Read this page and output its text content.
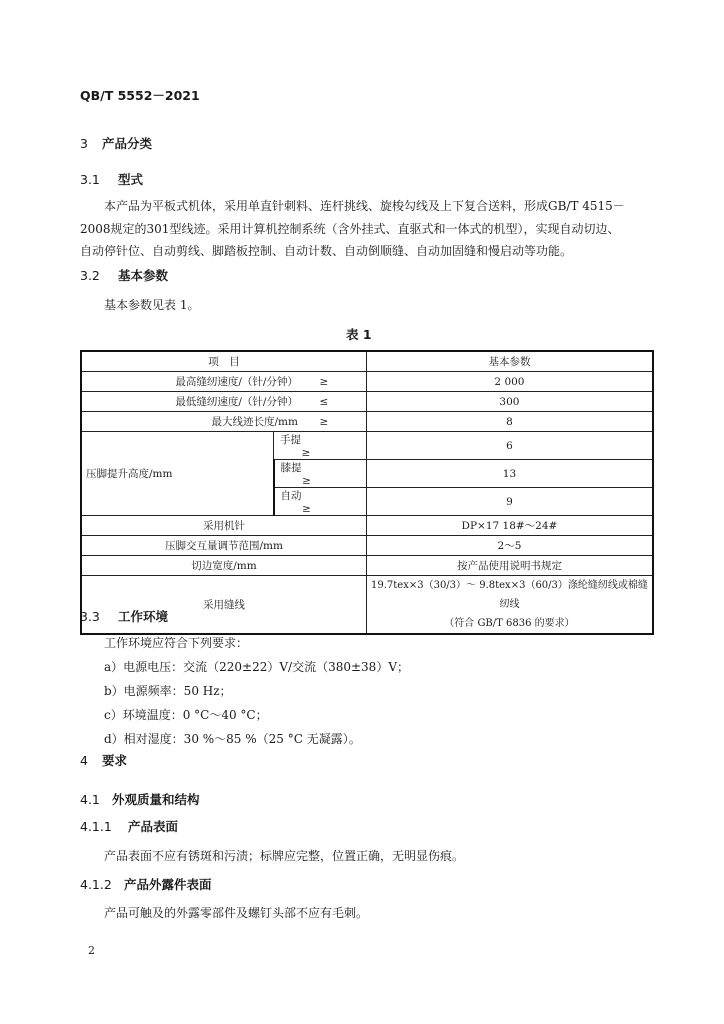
QB/T 5552－2021
3 产品分类
3.1 型式
本产品为平板式机体，采用单直针刺料、连杆挑线、旋梭勾线及上下复合送料，形成GB/T 4515－
2008规定的301型线迹。采用计算机控制系统（含外挂式、直驱式和一体式的机型），实现自动切边、
自动停针位、自动剪线、脚踏板控制、自动计数、自动倒顺缝、自动加固缝和慢启动等功能。
3.2 基本参数
基本参数见表 1。
表 1
项　目		基本参数
最高缝纫速度/（针/分钟） ≥		2 000
最低缝纫速度/（针/分钟） ≤		300
最大线迹长度/mm ≥		8
压脚提升高度/mm	手提≥	6
	膝提≥	13
	自动≥	9
采用机针		DP×17 18#～24#
压脚交互量调节范围/mm		2～5
切边宽度/mm		按产品使用说明书规定
采用缝线		19.7tex×3（30/3）～ 9.8tex×3（60/3）涤纶缝纫线或棉缝纫线
（符合 GB/T 6836 的要求）
3.3 工作环境
工作环境应符合下列要求：
a）电源电压：交流（220±22）V/交流（380±38）V；
b）电源频率：50 Hz；
c）环境温度：0 °C～40 °C；
d）相对湿度：30 %～85 %（25 °C 无凝露）。
4 要求
4.1 外观质量和结构
4.1.1 产品表面
产品表面不应有锈斑和污渍；标牌应完整，位置正确，无明显伤痕。
4.1.2 产品外露件表面
产品可触及的外露零部件及螺钉头部不应有毛刺。
2
